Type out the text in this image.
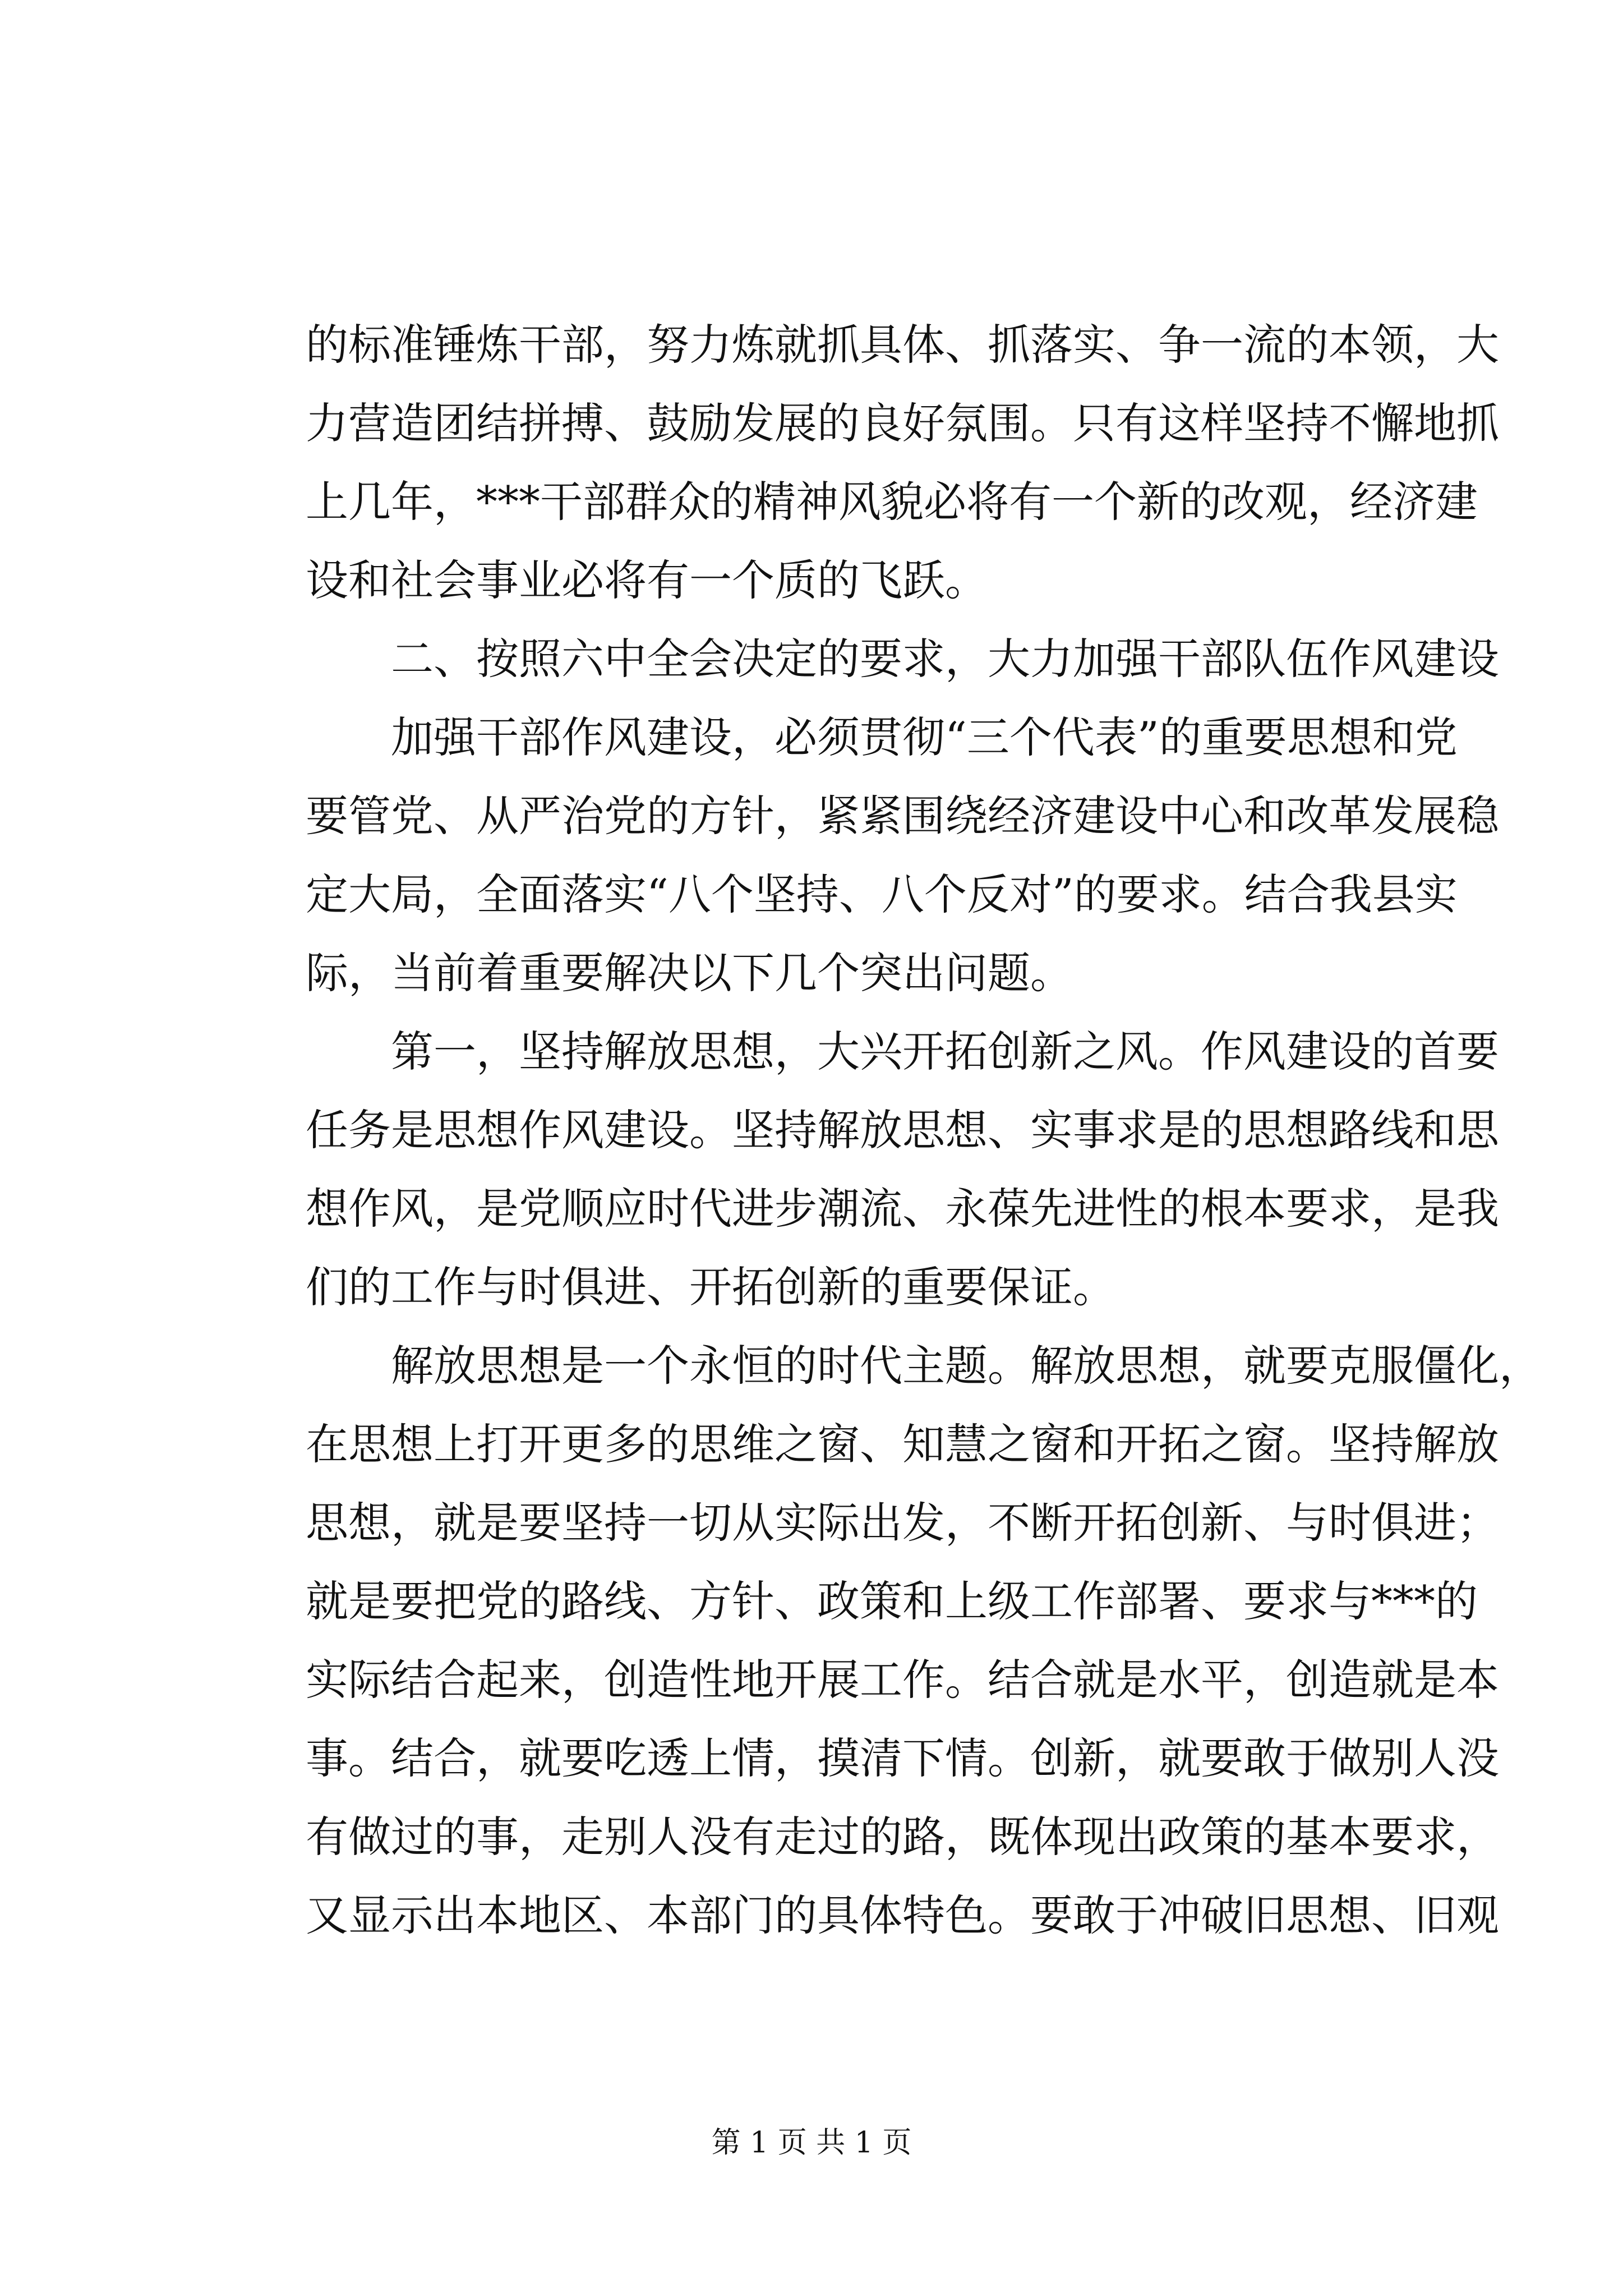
的标准锤炼干部，努力炼就抓具体、抓落实、争一流的本领，大
力营造团结拼搏、鼓励发展的良好氛围。只有这样坚持不懈地抓
上几年，***干部群众的精神风貌必将有一个新的改观，经济建
设和社会事业必将有一个质的飞跃。
　　二、按照六中全会决定的要求，大力加强干部队伍作风建设
　　加强干部作风建设，必须贯彻“三个代表”的重要思想和党
要管党、从严治党的方针，紧紧围绕经济建设中心和改革发展稳
定大局，全面落实“八个坚持、八个反对”的要求。结合我县实
际，当前着重要解决以下几个突出问题。
　　第一，坚持解放思想，大兴开拓创新之风。作风建设的首要
任务是思想作风建设。坚持解放思想、实事求是的思想路线和思
想作风，是党顺应时代进步潮流、永葆先进性的根本要求，是我
们的工作与时俱进、开拓创新的重要保证。
　　解放思想是一个永恒的时代主题。解放思想，就要克服僵化，
在思想上打开更多的思维之窗、知慧之窗和开拓之窗。坚持解放
思想，就是要坚持一切从实际出发，不断开拓创新、与时俱进；
就是要把党的路线、方针、政策和上级工作部署、要求与***的
实际结合起来，创造性地开展工作。结合就是水平，创造就是本
事。结合，就要吃透上情，摸清下情。创新，就要敢于做别人没
有做过的事，走别人没有走过的路，既体现出政策的基本要求，
又显示出本地区、本部门的具体特色。要敢于冲破旧思想、旧观
第 1 页 共 1 页
